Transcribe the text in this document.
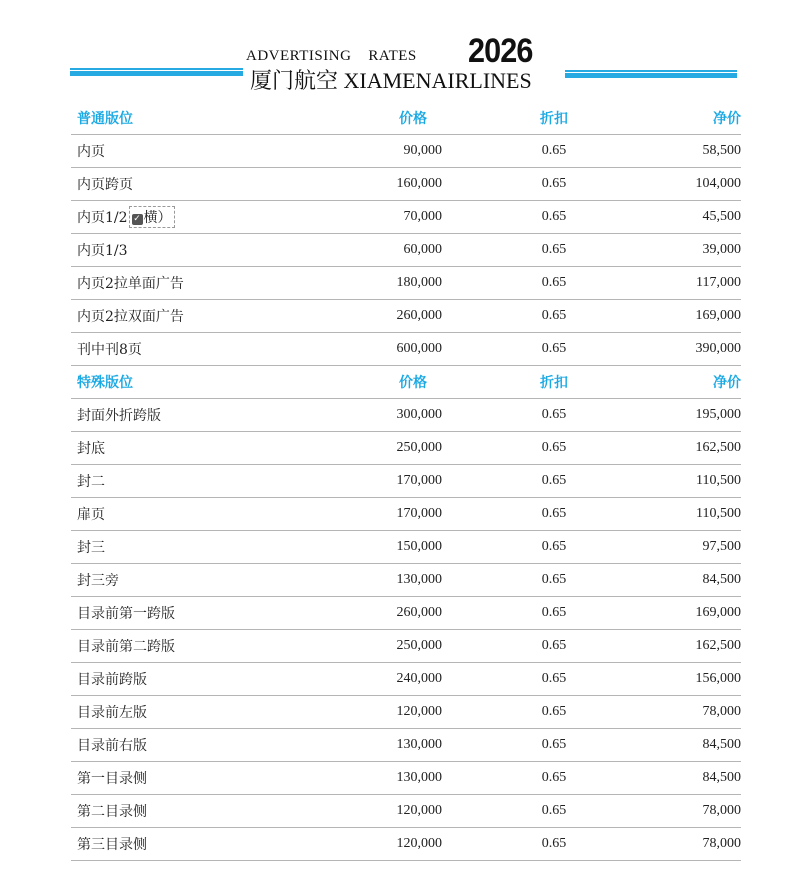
ADVERTISING    RATES 2026
厦门航空 XIAMENAIRLINES
普通版位	价格	折扣	净价
内页	90,000	0.65	58,500
内页跨页	160,000	0.65	104,000
内页1/2 ✓ 横）	70,000	0.65	45,500
内页1/3	60,000	0.65	39,000
内页2拉单面广告	180,000	0.65	117,000
内页2拉双面广告	260,000	0.65	169,000
刊中刊8页	600,000	0.65	390,000
特殊版位	价格	折扣	净价
封面外折跨版	300,000	0.65	195,000
封底	250,000	0.65	162,500
封二	170,000	0.65	110,500
扉页	170,000	0.65	110,500
封三	150,000	0.65	97,500
封三旁	130,000	0.65	84,500
目录前第一跨版	260,000	0.65	169,000
目录前第二跨版	250,000	0.65	162,500
目录前跨版	240,000	0.65	156,000
目录前左版	120,000	0.65	78,000
目录前右版	130,000	0.65	84,500
第一目录侧	130,000	0.65	84,500
第二目录侧	120,000	0.65	78,000
第三目录侧	120,000	0.65	78,000
